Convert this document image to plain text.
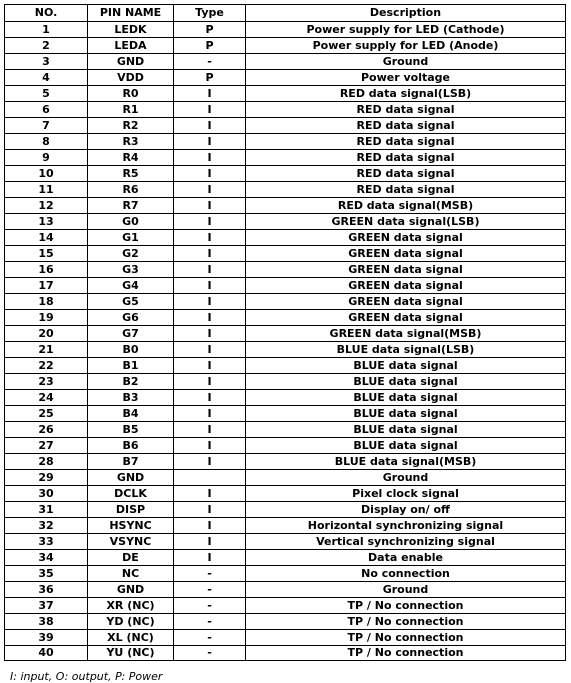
NO.	PIN NAME	Type	Description
1	LEDK	P	Power supply for LED (Cathode)
2	LEDA	P	Power supply for LED (Anode)
3	GND	-	Ground
4	VDD	P	Power voltage
5	R0	I	RED data signal(LSB)
6	R1	I	RED data signal
7	R2	I	RED data signal
8	R3	I	RED data signal
9	R4	I	RED data signal
10	R5	I	RED data signal
11	R6	I	RED data signal
12	R7	I	RED data signal(MSB)
13	G0	I	GREEN data signal(LSB)
14	G1	I	GREEN data signal
15	G2	I	GREEN data signal
16	G3	I	GREEN data signal
17	G4	I	GREEN data signal
18	G5	I	GREEN data signal
19	G6	I	GREEN data signal
20	G7	I	GREEN data signal(MSB)
21	B0	I	BLUE data signal(LSB)
22	B1	I	BLUE data signal
23	B2	I	BLUE data signal
24	B3	I	BLUE data signal
25	B4	I	BLUE data signal
26	B5	I	BLUE data signal
27	B6	I	BLUE data signal
28	B7	I	BLUE data signal(MSB)
29	GND		Ground
30	DCLK	I	Pixel clock signal
31	DISP	I	Display on/ off
32	HSYNC	I	Horizontal synchronizing signal
33	VSYNC	I	Vertical synchronizing signal
34	DE	I	Data enable
35	NC	-	No connection
36	GND	-	Ground
37	XR (NC)	-	TP / No connection
38	YD (NC)	-	TP / No connection
39	XL (NC)	-	TP / No connection
40	YU (NC)	-	TP / No connection
I: input, O: output, P: Power
